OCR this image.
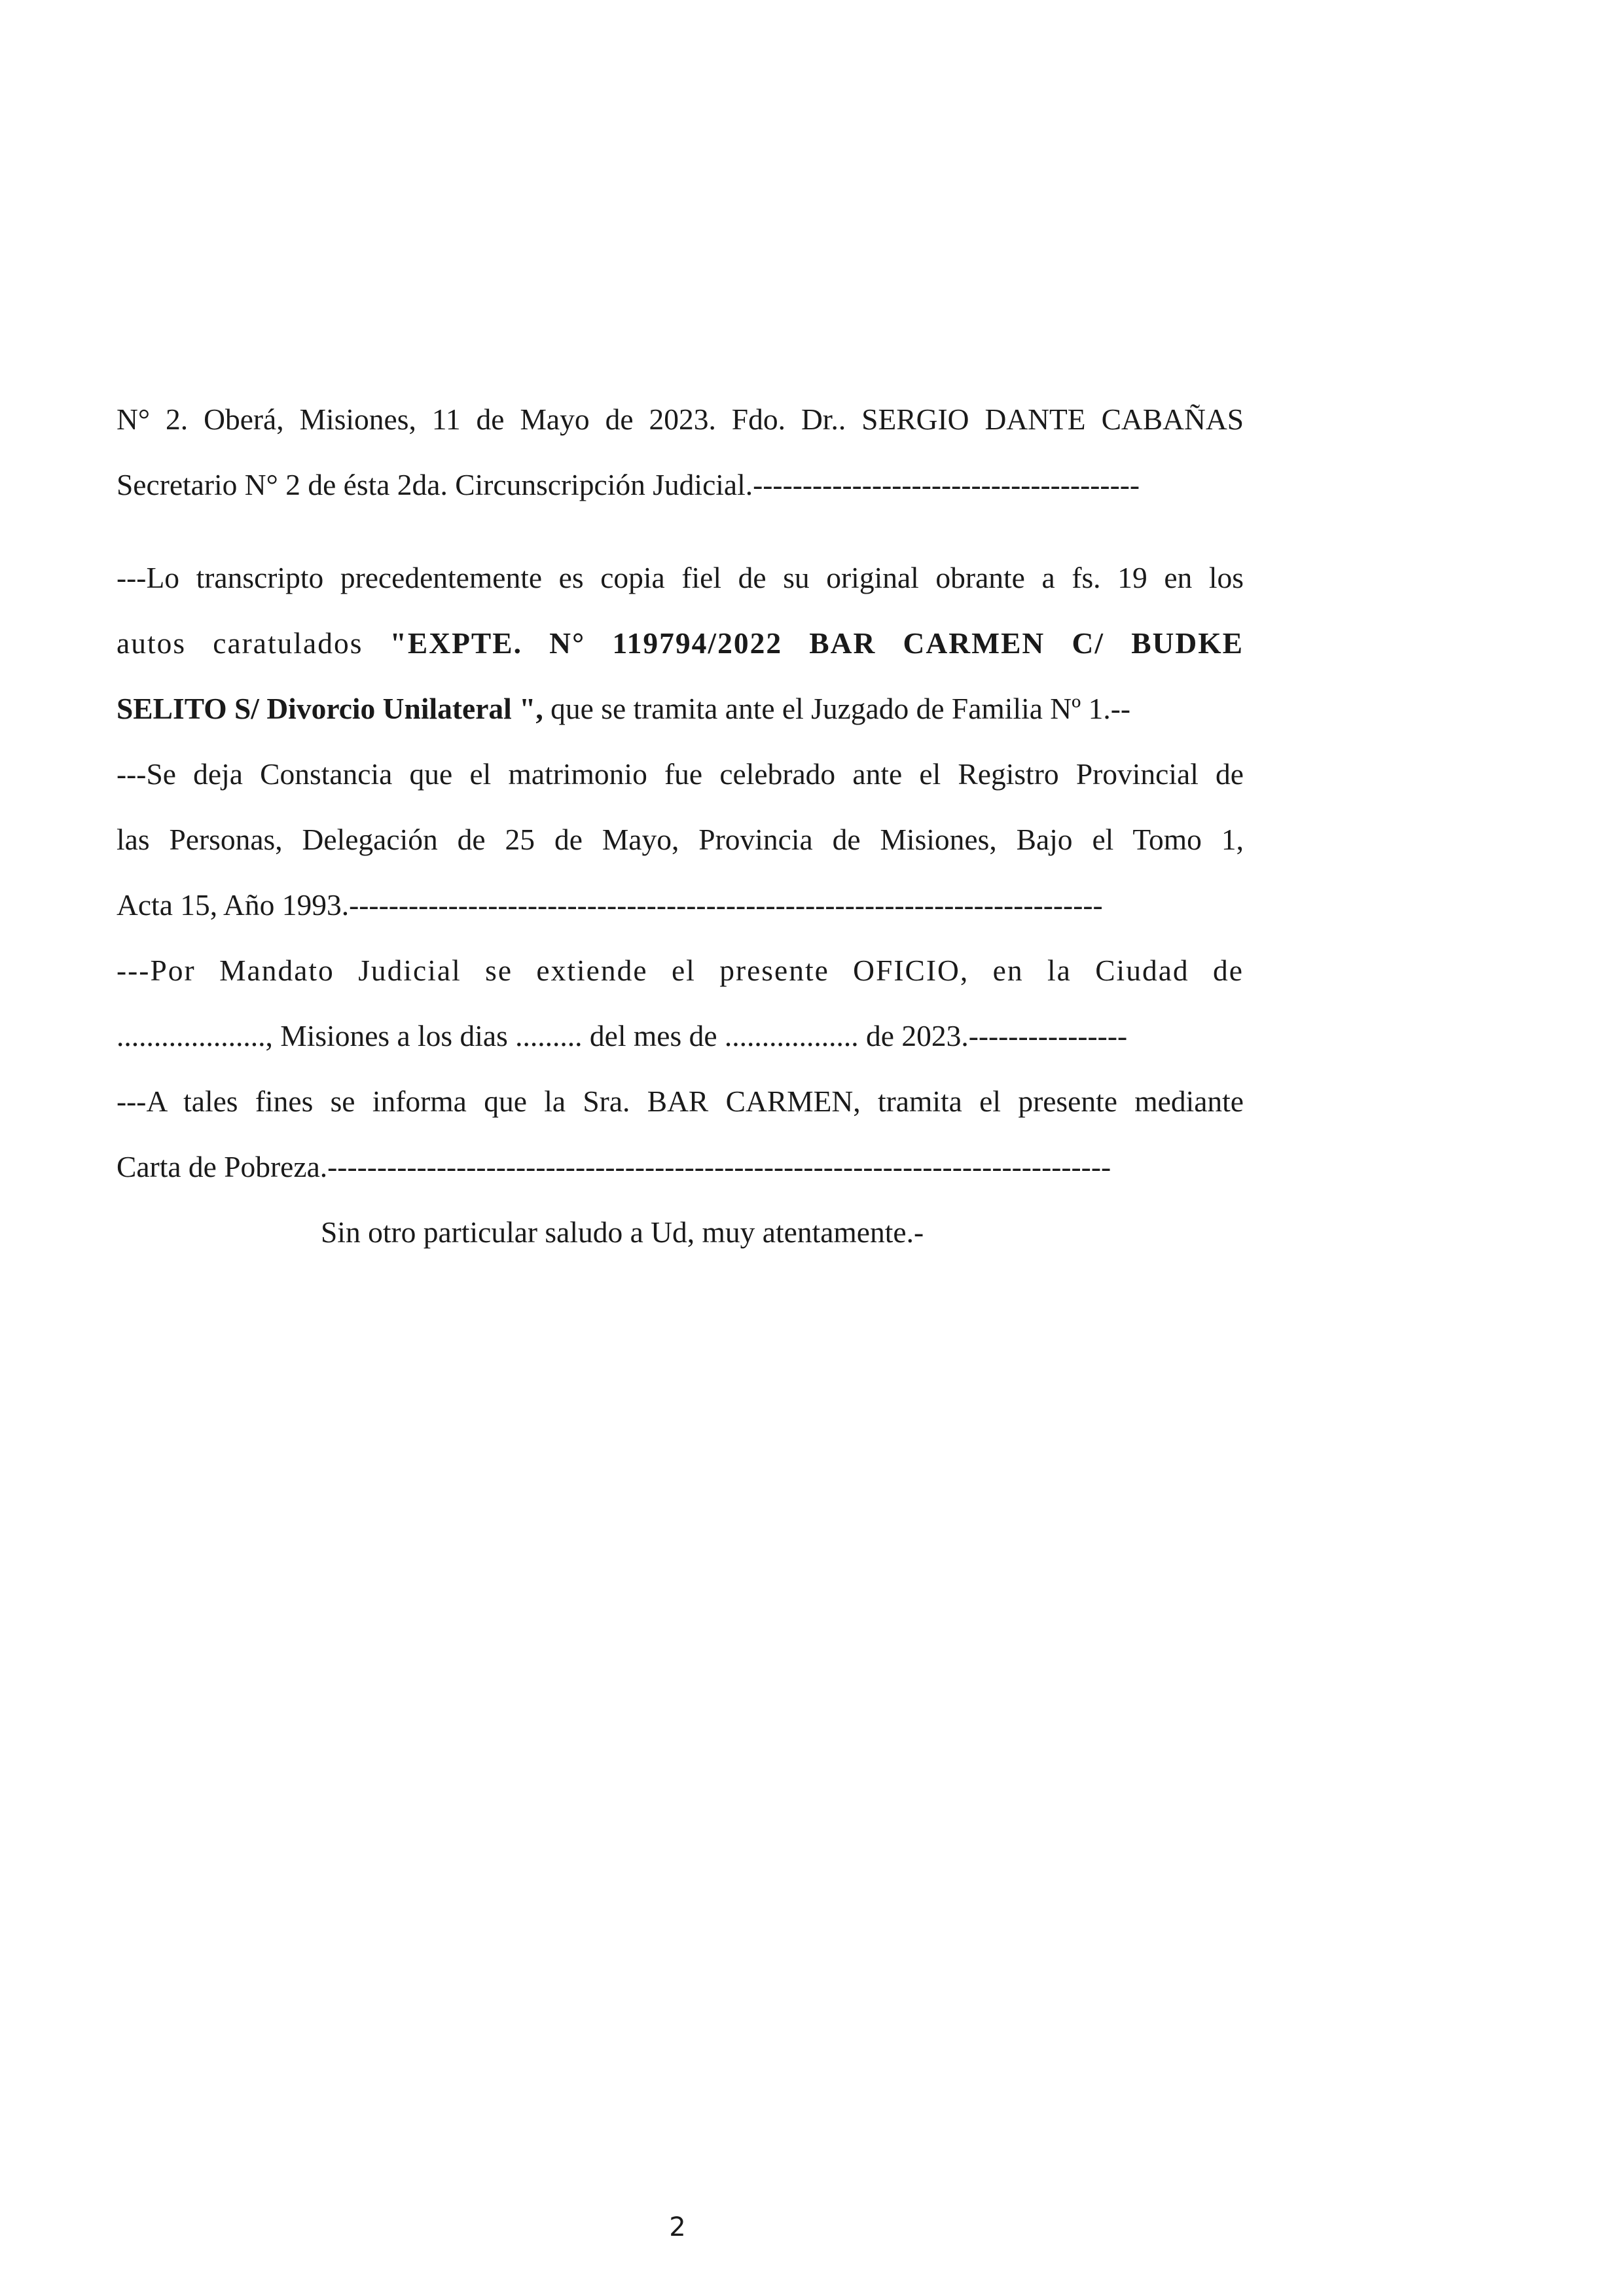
N° 2. Oberá, Misiones, 11 de Mayo de 2023. Fdo. Dr.. SERGIO DANTE CABAÑAS
Secretario N° 2 de ésta 2da. Circunscripción Judicial.---------------------------------------
---Lo transcripto precedentemente es copia fiel de su original obrante a fs. 19 en los
autos caratulados "EXPTE. N° 119794/2022 BAR CARMEN C/ BUDKE
SELITO S/ Divorcio Unilateral ", que se tramita ante el Juzgado de Familia Nº 1.--
---Se deja Constancia que el matrimonio fue celebrado ante el Registro Provincial de
las Personas, Delegación de 25 de Mayo, Provincia de Misiones, Bajo el Tomo 1,
Acta 15, Año 1993.----------------------------------------------------------------------------
---Por Mandato Judicial se extiende el presente OFICIO, en la Ciudad de
...................., Misiones a los dias ......... del mes de .................. de 2023.----------------
---A tales fines se informa que la Sra. BAR CARMEN, tramita el presente mediante
Carta de Pobreza.-------------------------------------------------------------------------------
Sin otro particular saludo a Ud, muy atentamente.-
2
